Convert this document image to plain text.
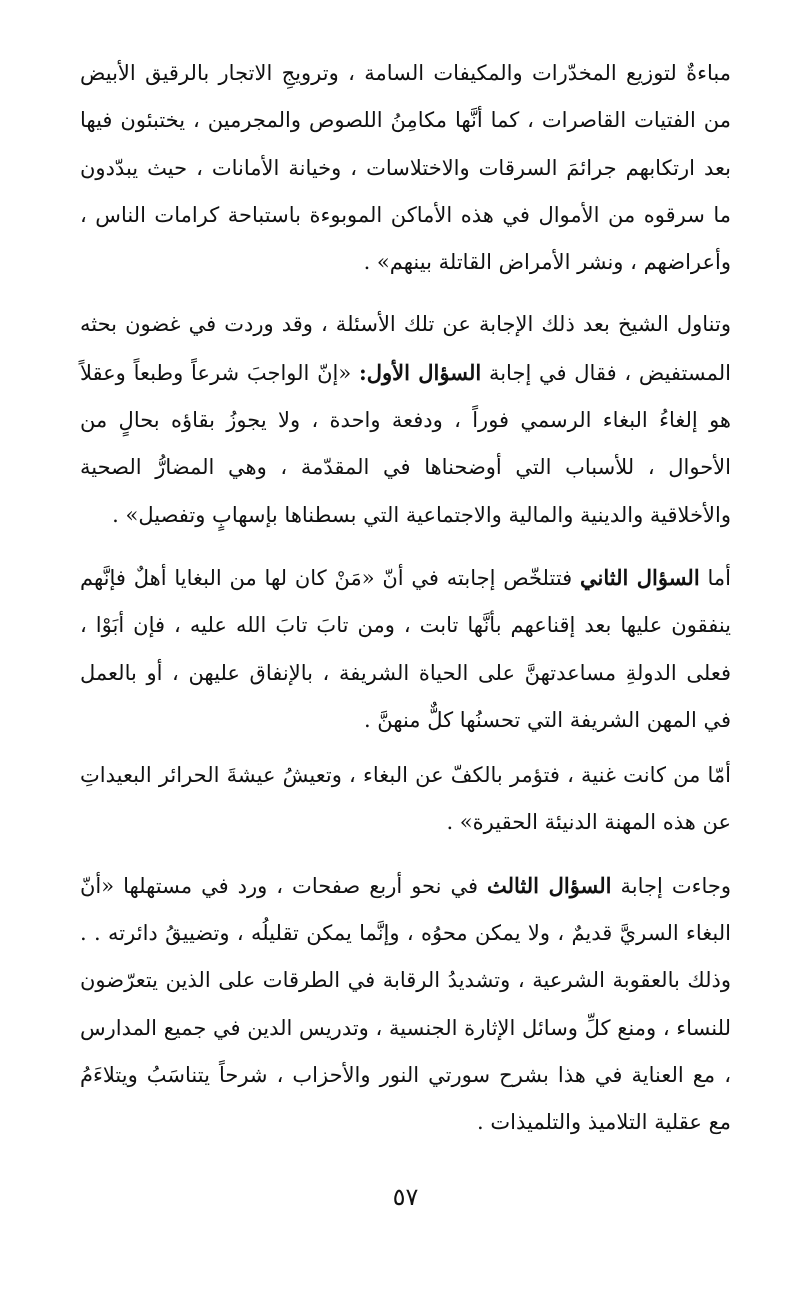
مباءةٌ لتوزيع المخدّرات والمكيفات السامة ، وترويجِ الاتجار بالرقيق الأبيض من الفتيات القاصرات ، كما أنَّها مكامِنُ اللصوص والمجرمين ، يختبئون فيها بعد ارتكابهم جرائمَ السرقات والاختلاسات ، وخيانة الأمانات ، حيث يبدّدون ما سرقوه من الأموال في هذه الأماكن الموبوءة باستباحة كرامات الناس ، وأعراضهم ، ونشر الأمراض القاتلة بينهم» .

وتناول الشيخ بعد ذلك الإجابة عن تلك الأسئلة ، وقد وردت في غضون بحثه المستفيض ، فقال في إجابة السؤال الأول: «إنّ الواجبَ شرعاً وطبعاً وعقلاً هو إلغاءُ البغاء الرسمي فوراً ، ودفعة واحدة ، ولا يجوزُ بقاؤه بحالٍ من الأحوال ، للأسباب التي أوضحناها في المقدّمة ، وهي المضارُّ الصحية والأخلاقية والدينية والمالية والاجتماعية التي بسطناها بإسهابٍ وتفصيل» .

أما السؤال الثاني فتتلخّص إجابته في أنّ «مَنْ كان لها من البغايا أهلٌ فإنَّهم ينفقون عليها بعد إقناعهم بأنَّها تابت ، ومن تابَ تابَ الله عليه ، فإن أبَوْا ، فعلى الدولةِ مساعدتهنَّ على الحياة الشريفة ، بالإنفاق عليهن ، أو بالعمل في المهن الشريفة التي تحسنُها كلٌّ منهنَّ .

أمّا من كانت غنية ، فتؤمر بالكفّ عن البغاء ، وتعيشُ عيشةَ الحرائر البعيداتِ عن هذه المهنة الدنيئة الحقيرة» .

وجاءت إجابة السؤال الثالث في نحو أربع صفحات ، ورد في مستهلها «أنّ البغاء السريَّ قديمٌ ، ولا يمكن محوُه ، وإنَّما يمكن تقليلُه ، وتضييقُ دائرته . . وذلك بالعقوبة الشرعية ، وتشديدُ الرقابة في الطرقات على الذين يتعرّضون للنساء ، ومنع كلِّ وسائل الإثارة الجنسية ، وتدريس الدين في جميع المدارس ، مع العناية في هذا بشرح سورتي النور والأحزاب ، شرحاً يتناسَبُ ويتلاءَمُ مع عقلية التلاميذ والتلميذات .

٥٧
